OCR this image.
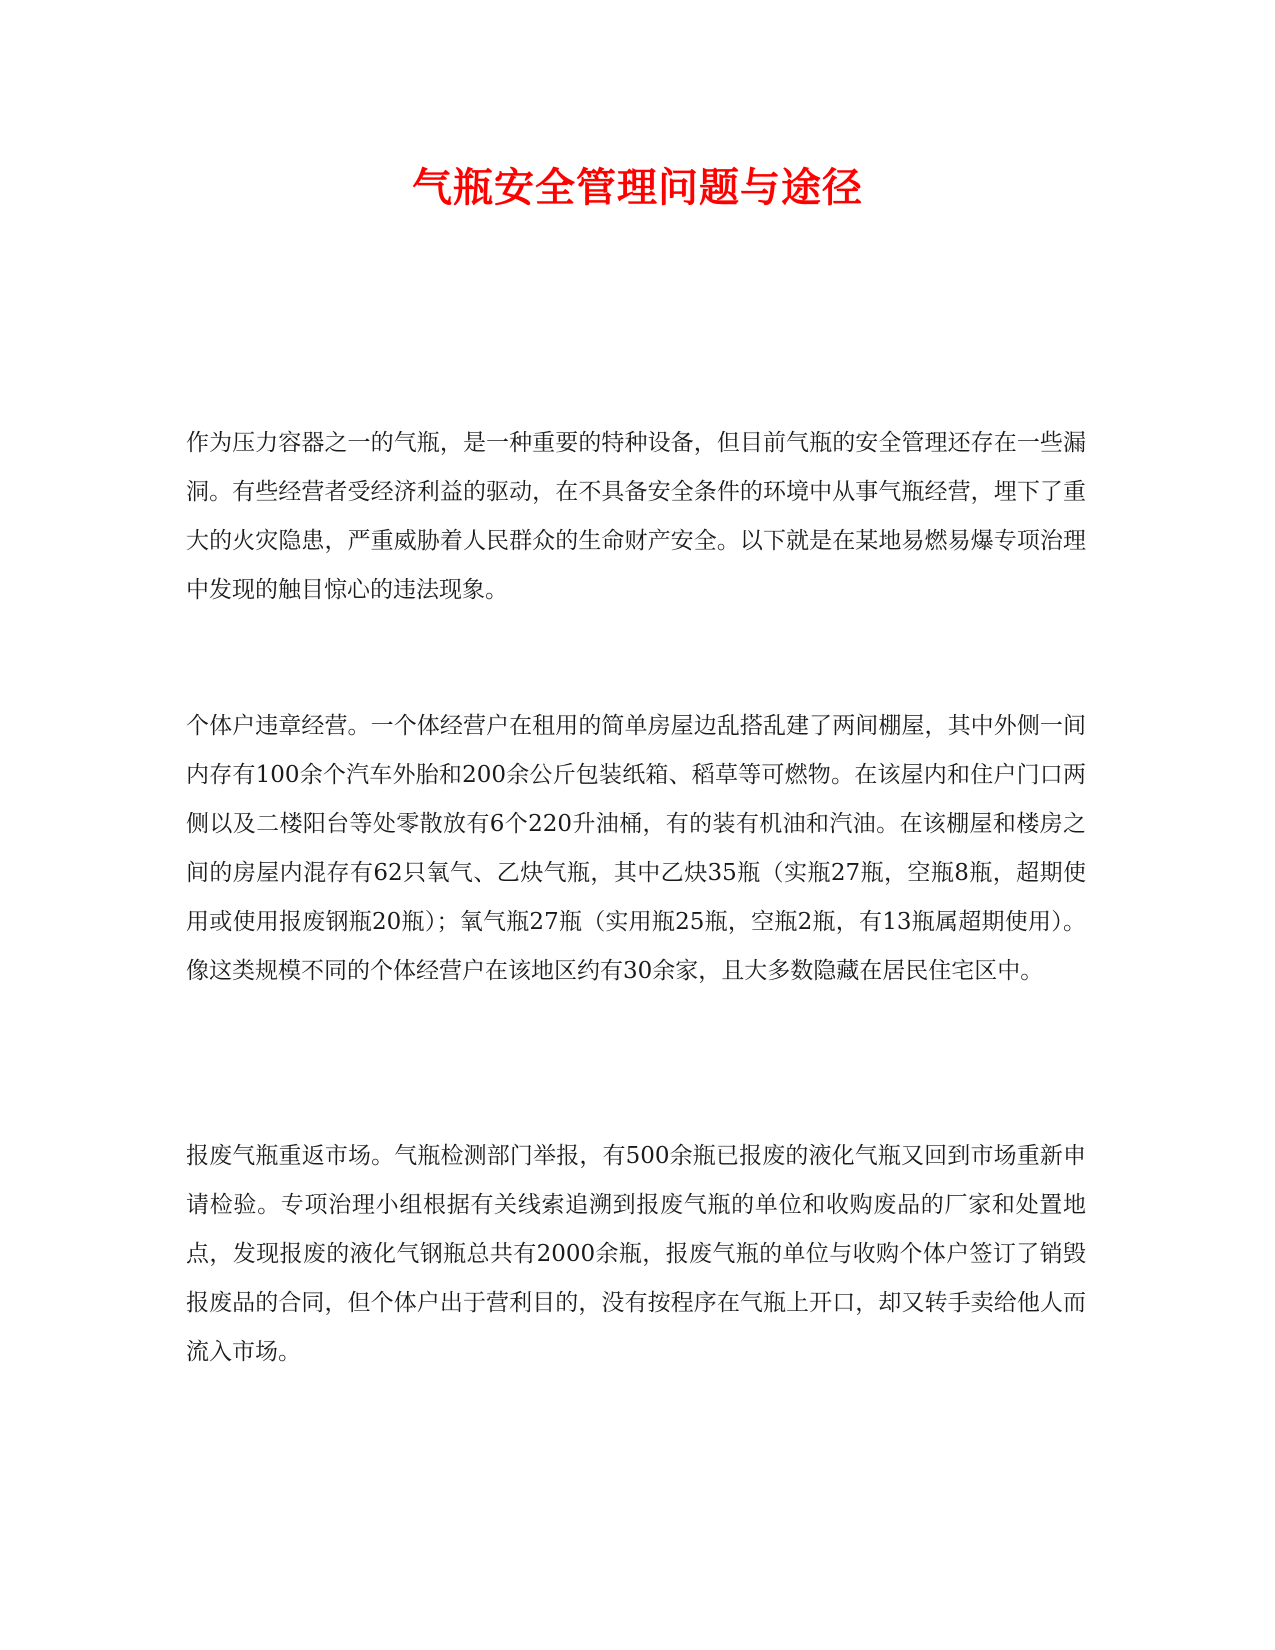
气瓶安全管理问题与途径

作为压力容器之一的气瓶，是一种重要的特种设备，但目前气瓶的安全管理还存在一些漏洞。有些经营者受经济利益的驱动，在不具备安全条件的环境中从事气瓶经营，埋下了重大的火灾隐患，严重威胁着人民群众的生命财产安全。以下就是在某地易燃易爆专项治理中发现的触目惊心的违法现象。

个体户违章经营。一个体经营户在租用的简单房屋边乱搭乱建了两间棚屋，其中外侧一间内存有100余个汽车外胎和200余公斤包装纸箱、稻草等可燃物。在该屋内和住户门口两侧以及二楼阳台等处零散放有6个220升油桶，有的装有机油和汽油。在该棚屋和楼房之间的房屋内混存有62只氧气、乙炔气瓶，其中乙炔35瓶（实瓶27瓶，空瓶8瓶，超期使用或使用报废钢瓶20瓶）；氧气瓶27瓶（实用瓶25瓶，空瓶2瓶，有13瓶属超期使用）。像这类规模不同的个体经营户在该地区约有30余家，且大多数隐藏在居民住宅区中。

报废气瓶重返市场。气瓶检测部门举报，有500余瓶已报废的液化气瓶又回到市场重新申请检验。专项治理小组根据有关线索追溯到报废气瓶的单位和收购废品的厂家和处置地点，发现报废的液化气钢瓶总共有2000余瓶，报废气瓶的单位与收购个体户签订了销毁报废品的合同，但个体户出于营利目的，没有按程序在气瓶上开口，却又转手卖给他人而流入市场。
